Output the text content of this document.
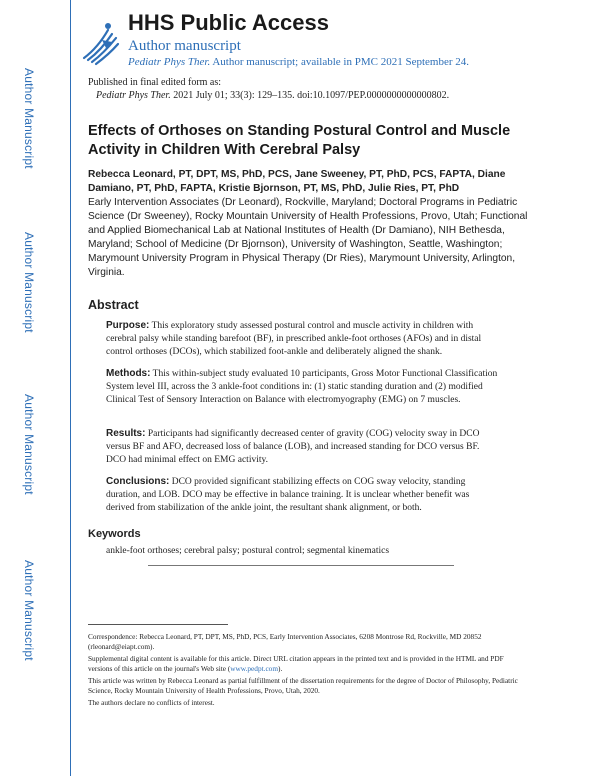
Author Manuscript
Author Manuscript
Author Manuscript
Author Manuscript
HHS Public Access
Author manuscript
Pediatr Phys Ther. Author manuscript; available in PMC 2021 September 24.
Published in final edited form as:
Pediatr Phys Ther. 2021 July 01; 33(3): 129–135. doi:10.1097/PEP.0000000000000802.
Effects of Orthoses on Standing Postural Control and Muscle Activity in Children With Cerebral Palsy
Rebecca Leonard, PT, DPT, MS, PhD, PCS, Jane Sweeney, PT, PhD, PCS, FAPTA, Diane Damiano, PT, PhD, FAPTA, Kristie Bjornson, PT, MS, PhD, Julie Ries, PT, PhD
Early Intervention Associates (Dr Leonard), Rockville, Maryland; Doctoral Programs in Pediatric Science (Dr Sweeney), Rocky Mountain University of Health Professions, Provo, Utah; Functional and Applied Biomechanical Lab at National Institutes of Health (Dr Damiano), NIH Bethesda, Maryland; School of Medicine (Dr Bjornson), University of Washington, Seattle, Washington; Marymount University Program in Physical Therapy (Dr Ries), Marymount University, Arlington, Virginia.
Abstract
Purpose: This exploratory study assessed postural control and muscle activity in children with cerebral palsy while standing barefoot (BF), in prescribed ankle-foot orthoses (AFOs) and in distal control orthoses (DCOs), which stabilized foot-ankle and deliberately aligned the shank.
Methods: This within-subject study evaluated 10 participants, Gross Motor Functional Classification System level III, across the 3 ankle-foot conditions in: (1) static standing duration and (2) modified Clinical Test of Sensory Interaction on Balance with electromyography (EMG) on 7 muscles.
Results: Participants had significantly decreased center of gravity (COG) velocity sway in DCO versus BF and AFO, decreased loss of balance (LOB), and increased standing for DCO versus BF. DCO had minimal effect on EMG activity.
Conclusions: DCO provided significant stabilizing effects on COG sway velocity, standing duration, and LOB. DCO may be effective in balance training. It is unclear whether benefit was derived from stabilization of the ankle joint, the resultant shank alignment, or both.
Keywords
ankle-foot orthoses; cerebral palsy; postural control; segmental kinematics
Correspondence: Rebecca Leonard, PT, DPT, MS, PhD, PCS, Early Intervention Associates, 6208 Montrose Rd, Rockville, MD 20852 (rleonard@eiapt.com).
Supplemental digital content is available for this article. Direct URL citation appears in the printed text and is provided in the HTML and PDF versions of this article on the journal's Web site (www.pedpt.com).
This article was written by Rebecca Leonard as partial fulfillment of the dissertation requirements for the degree of Doctor of Philosophy, Pediatric Science, Rocky Mountain University of Health Professions, Provo, Utah, 2020.
The authors declare no conflicts of interest.
